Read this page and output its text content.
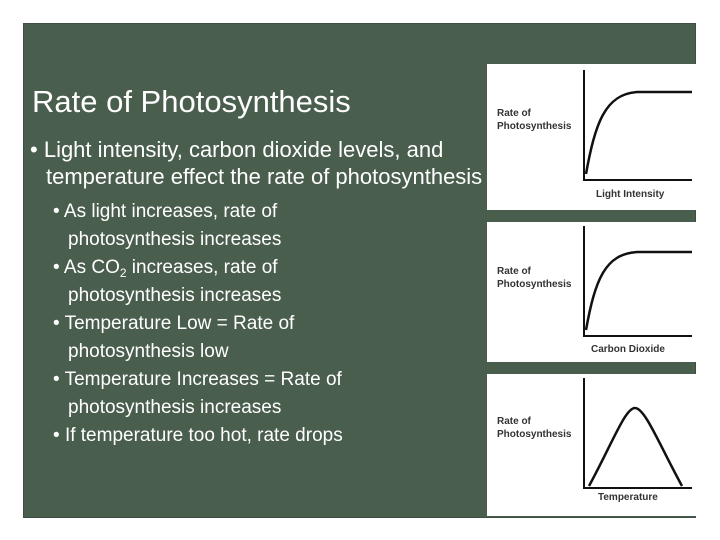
Rate of Photosynthesis
• Light intensity, carbon dioxide levels, and temperature effect the rate of photosynthesis
• As light increases, rate of
photosynthesis increases
• As $CO_2$ increases, rate of
photosynthesis increases
• Temperature Low = Rate of
photosynthesis low
• Temperature Increases = Rate of
photosynthesis increases
• If temperature too hot, rate drops
Rate of
Photosynthesis
Light Intensity
Rate of
Photosynthesis
Carbon Dioxide
Rate of
Photosynthesis
Temperature
